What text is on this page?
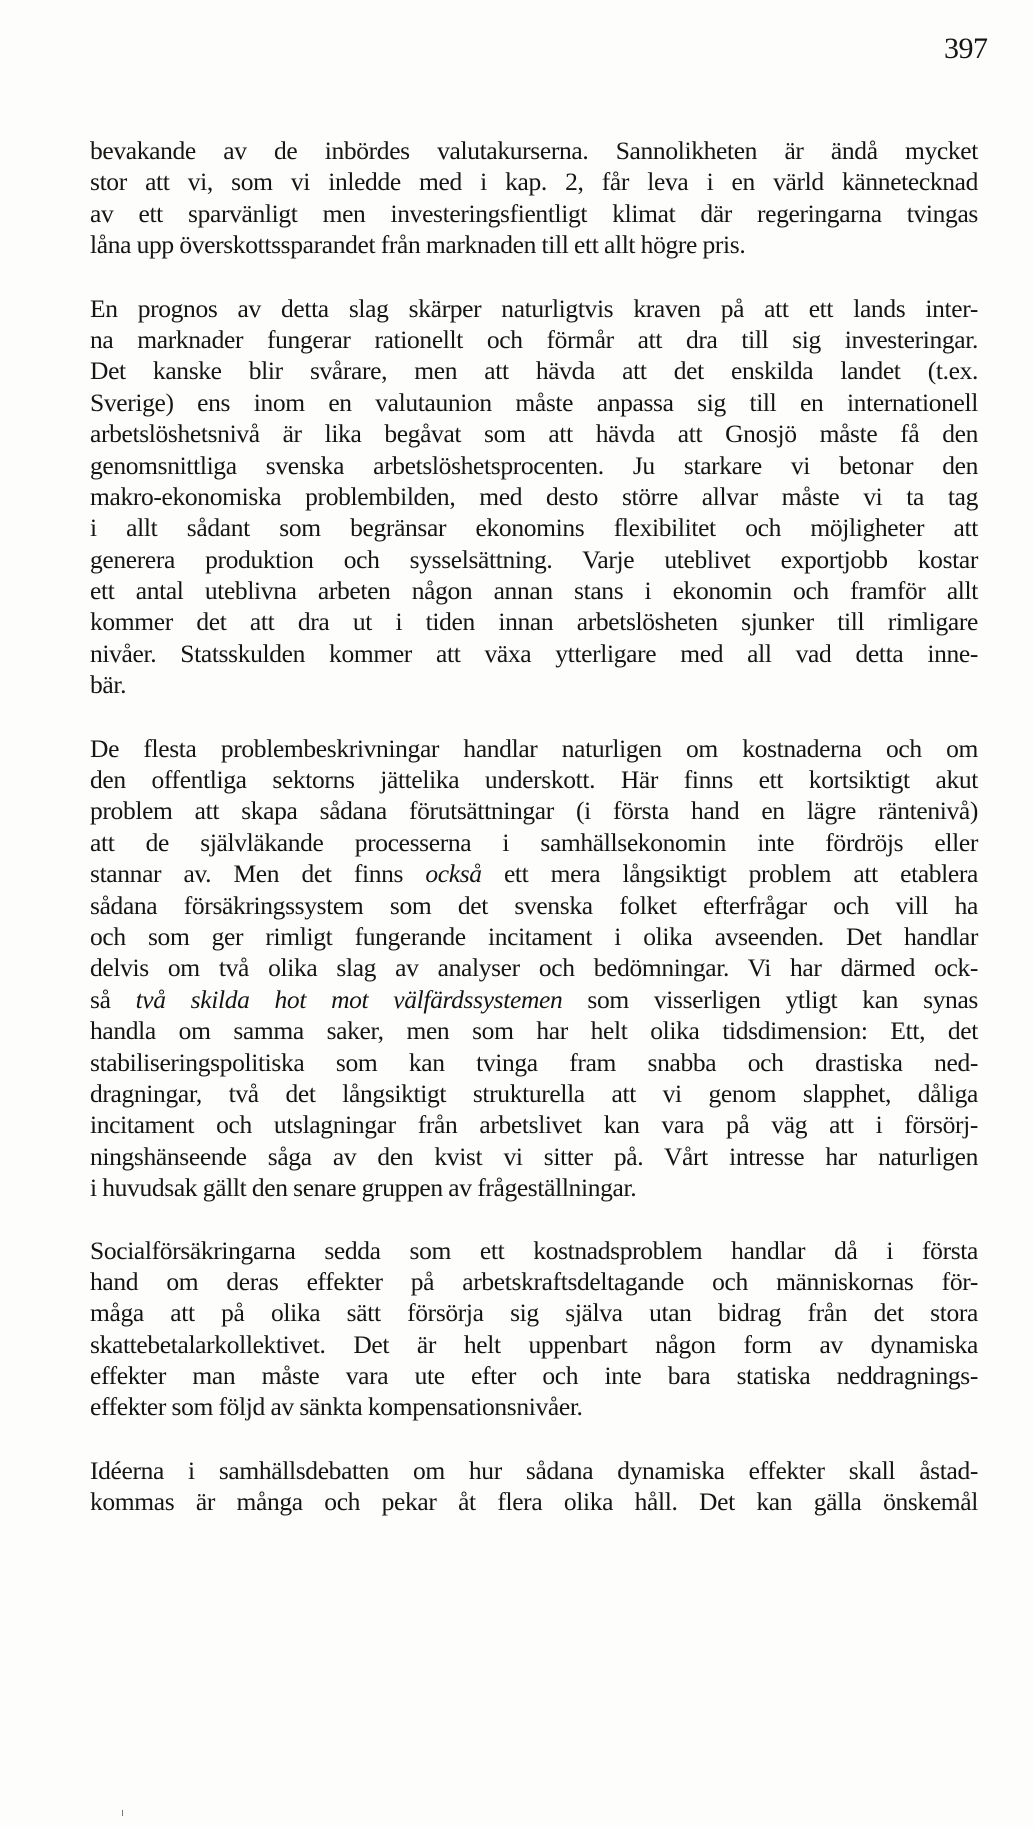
397

bevakande av de inbördes valutakurserna. Sannolikheten är ändå mycket
stor att vi, som vi inledde med i kap. 2, får leva i en värld kännetecknad
av ett sparvänligt men investeringsfientligt klimat där regeringarna tvingas
låna upp överskottssparandet från marknaden till ett allt högre pris.

En prognos av detta slag skärper naturligtvis kraven på att ett lands inter-
na marknader fungerar rationellt och förmår att dra till sig investeringar.
Det kanske blir svårare, men att hävda att det enskilda landet (t.ex.
Sverige) ens inom en valutaunion måste anpassa sig till en internationell
arbetslöshetsnivå är lika begåvat som att hävda att Gnosjö måste få den
genomsnittliga svenska arbetslöshetsprocenten. Ju starkare vi betonar den
makro-ekonomiska problembilden, med desto större allvar måste vi ta tag
i allt sådant som begränsar ekonomins flexibilitet och möjligheter att
generera produktion och sysselsättning. Varje uteblivet exportjobb kostar
ett antal uteblivna arbeten någon annan stans i ekonomin och framför allt
kommer det att dra ut i tiden innan arbetslösheten sjunker till rimligare
nivåer. Statsskulden kommer att växa ytterligare med all vad detta inne-
bär.

De flesta problembeskrivningar handlar naturligen om kostnaderna och om
den offentliga sektorns jättelika underskott. Här finns ett kortsiktigt akut
problem att skapa sådana förutsättningar (i första hand en lägre räntenivå)
att de självläkande processerna i samhällsekonomin inte fördröjs eller
stannar av. Men det finns också ett mera långsiktigt problem att etablera
sådana försäkringssystem som det svenska folket efterfrågar och vill ha
och som ger rimligt fungerande incitament i olika avseenden. Det handlar
delvis om två olika slag av analyser och bedömningar. Vi har därmed ock-
så två skilda hot mot välfärdssystemen som visserligen ytligt kan synas
handla om samma saker, men som har helt olika tidsdimension: Ett, det
stabiliseringspolitiska som kan tvinga fram snabba och drastiska ned-
dragningar, två det långsiktigt strukturella att vi genom slapphet, dåliga
incitament och utslagningar från arbetslivet kan vara på väg att i försörj-
ningshänseende såga av den kvist vi sitter på. Vårt intresse har naturligen
i huvudsak gällt den senare gruppen av frågeställningar.

Socialförsäkringarna sedda som ett kostnadsproblem handlar då i första
hand om deras effekter på arbetskraftsdeltagande och människornas för-
måga att på olika sätt försörja sig själva utan bidrag från det stora
skattebetalarkollektivet. Det är helt uppenbart någon form av dynamiska
effekter man måste vara ute efter och inte bara statiska neddragnings-
effekter som följd av sänkta kompensationsnivåer.

Idéerna i samhällsdebatten om hur sådana dynamiska effekter skall åstad-
kommas är många och pekar åt flera olika håll. Det kan gälla önskemål
